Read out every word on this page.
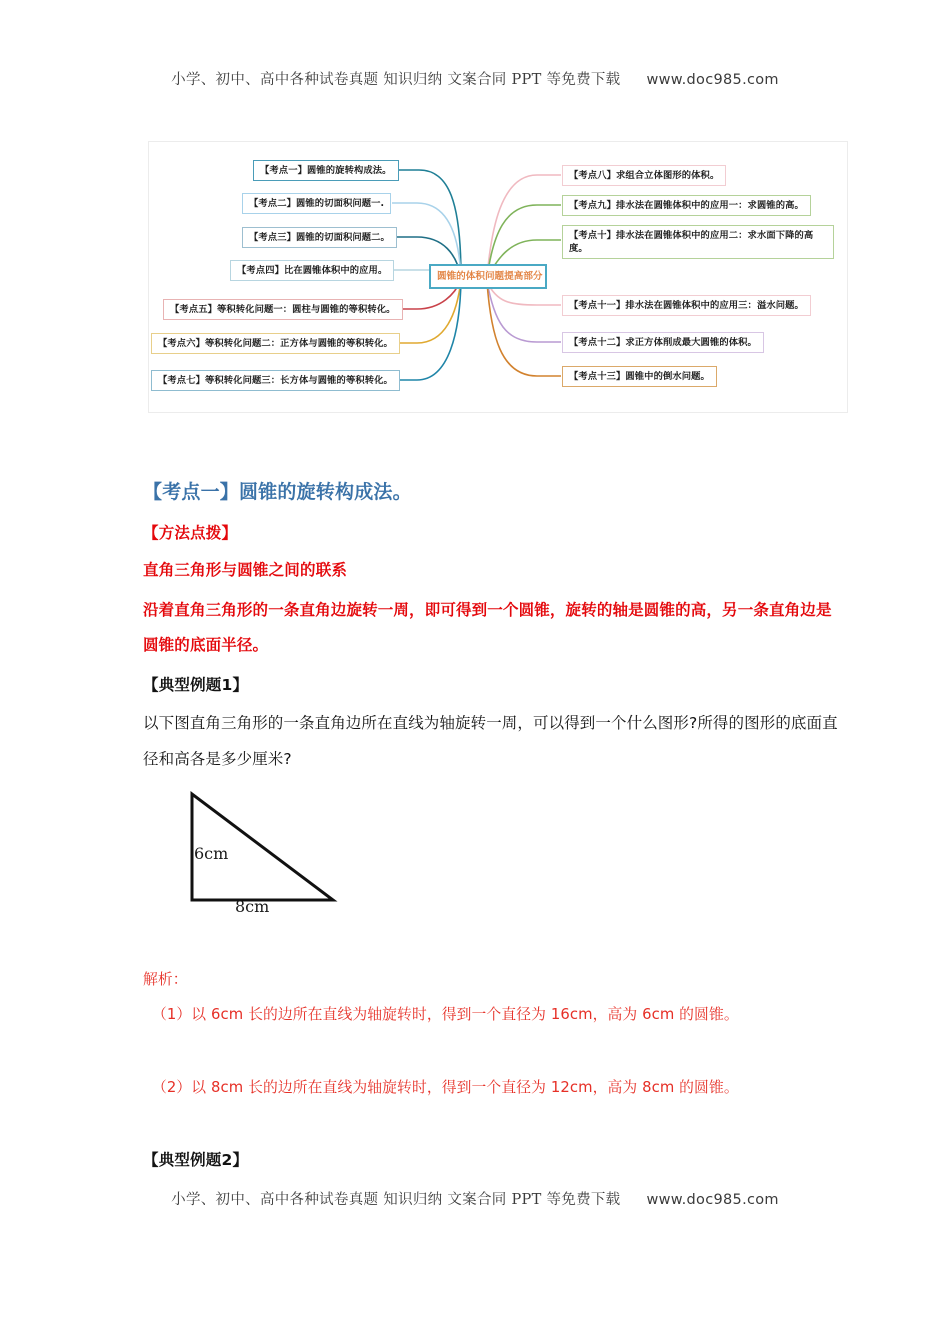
小学、初中、高中各种试卷真题 知识归纳 文案合同 PPT 等免费下载 www.doc985.com
圆锥的体积问题提高部分
【考点一】圆锥的旋转构成法。
【考点二】圆锥的切面积问题一.
【考点三】圆锥的切面积问题二。
【考点四】比在圆锥体积中的应用。
【考点五】等积转化问题一：圆柱与圆锥的等积转化。
【考点六】等积转化问题二：正方体与圆锥的等积转化。
【考点七】等积转化问题三：长方体与圆锥的等积转化。
【考点八】求组合立体图形的体积。
【考点九】排水法在圆锥体积中的应用一：求圆锥的高。
【考点十】排水法在圆锥体积中的应用二：求水面下降的高度。
【考点十一】排水法在圆锥体积中的应用三：溢水问题。
【考点十二】求正方体削成最大圆锥的体积。
【考点十三】圆锥中的倒水问题。
【考点一】圆锥的旋转构成法。
【方法点拨】
直角三角形与圆锥之间的联系
沿着直角三角形的一条直角边旋转一周，即可得到一个圆锥，旋转的轴是圆锥的高，另一条直角边是圆锥的底面半径。
【典型例题1】
以下图直角三角形的一条直角边所在直线为轴旋转一周，可以得到一个什么图形?所得的图形的底面直径和高各是多少厘米?
6cm
8cm
解析：
（1）以 6cm 长的边所在直线为轴旋转时，得到一个直径为 16cm，高为 6cm 的圆锥。
（2）以 8cm 长的边所在直线为轴旋转时，得到一个直径为 12cm，高为 8cm 的圆锥。
【典型例题2】
小学、初中、高中各种试卷真题 知识归纳 文案合同 PPT 等免费下载 www.doc985.com
